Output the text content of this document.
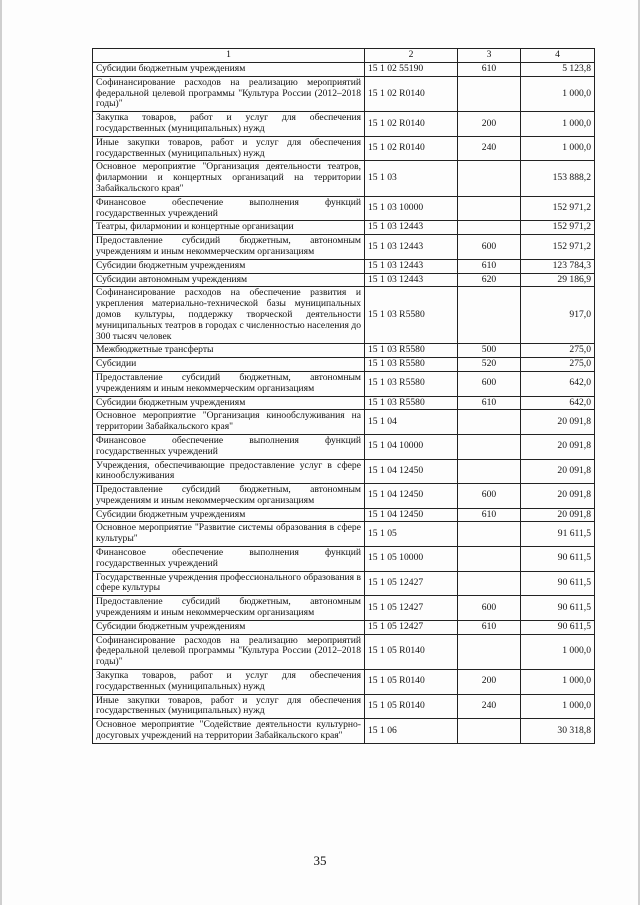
1	2	3	4
Субсидии бюджетным учреждениям	15 1 02 55190	610	5 123,8
Софинансирование расходов на реализацию мероприятий федеральной целевой программы "Культура России (2012–2018 годы)"	15 1 02 R0140		1 000,0
Закупка товаров, работ и услуг для обеспечения государственных (муниципальных) нужд	15 1 02 R0140	200	1 000,0
Иные закупки товаров, работ и услуг для обеспечения государственных (муниципальных) нужд	15 1 02 R0140	240	1 000,0
Основное мероприятие "Организация деятельности театров, филармонии и концертных организаций на территории Забайкальского края"	15 1 03		153 888,2
Финансовое обеспечение выполнения функций государственных учреждений	15 1 03 10000		152 971,2
Театры, филармонии и концертные организации	15 1 03 12443		152 971,2
Предоставление субсидий бюджетным, автономным учреждениям и иным некоммерческим организациям	15 1 03 12443	600	152 971,2
Субсидии бюджетным учреждениям	15 1 03 12443	610	123 784,3
Субсидии автономным учреждениям	15 1 03 12443	620	29 186,9
Софинансирование расходов на обеспечение развития и укрепления материально-технической базы муниципальных домов культуры, поддержку творческой деятельности муниципальных театров в городах с численностью населения до 300 тысяч человек	15 1 03 R5580		917,0
Межбюджетные трансферты	15 1 03 R5580	500	275,0
Субсидии	15 1 03 R5580	520	275,0
Предоставление субсидий бюджетным, автономным учреждениям и иным некоммерческим организациям	15 1 03 R5580	600	642,0
Субсидии бюджетным учреждениям	15 1 03 R5580	610	642,0
Основное мероприятие "Организация кинообслуживания на территории Забайкальского края"	15 1 04		20 091,8
Финансовое обеспечение выполнения функций государственных учреждений	15 1 04 10000		20 091,8
Учреждения, обеспечивающие предоставление услуг в сфере кинообслуживания	15 1 04 12450		20 091,8
Предоставление субсидий бюджетным, автономным учреждениям и иным некоммерческим организациям	15 1 04 12450	600	20 091,8
Субсидии бюджетным учреждениям	15 1 04 12450	610	20 091,8
Основное мероприятие "Развитие системы образования в сфере культуры"	15 1 05		91 611,5
Финансовое обеспечение выполнения функций государственных учреждений	15 1 05 10000		90 611,5
Государственные учреждения профессионального образования в сфере культуры	15 1 05 12427		90 611,5
Предоставление субсидий бюджетным, автономным учреждениям и иным некоммерческим организациям	15 1 05 12427	600	90 611,5
Субсидии бюджетным учреждениям	15 1 05 12427	610	90 611,5
Софинансирование расходов на реализацию мероприятий федеральной целевой программы "Культура России (2012–2018 годы)"	15 1 05 R0140		1 000,0
Закупка товаров, работ и услуг для обеспечения государственных (муниципальных) нужд	15 1 05 R0140	200	1 000,0
Иные закупки товаров, работ и услуг для обеспечения государственных (муниципальных) нужд	15 1 05 R0140	240	1 000,0
Основное мероприятие "Содействие деятельности культурно-досуговых учреждений на территории Забайкальского края"	15 1 06		30 318,8
35
